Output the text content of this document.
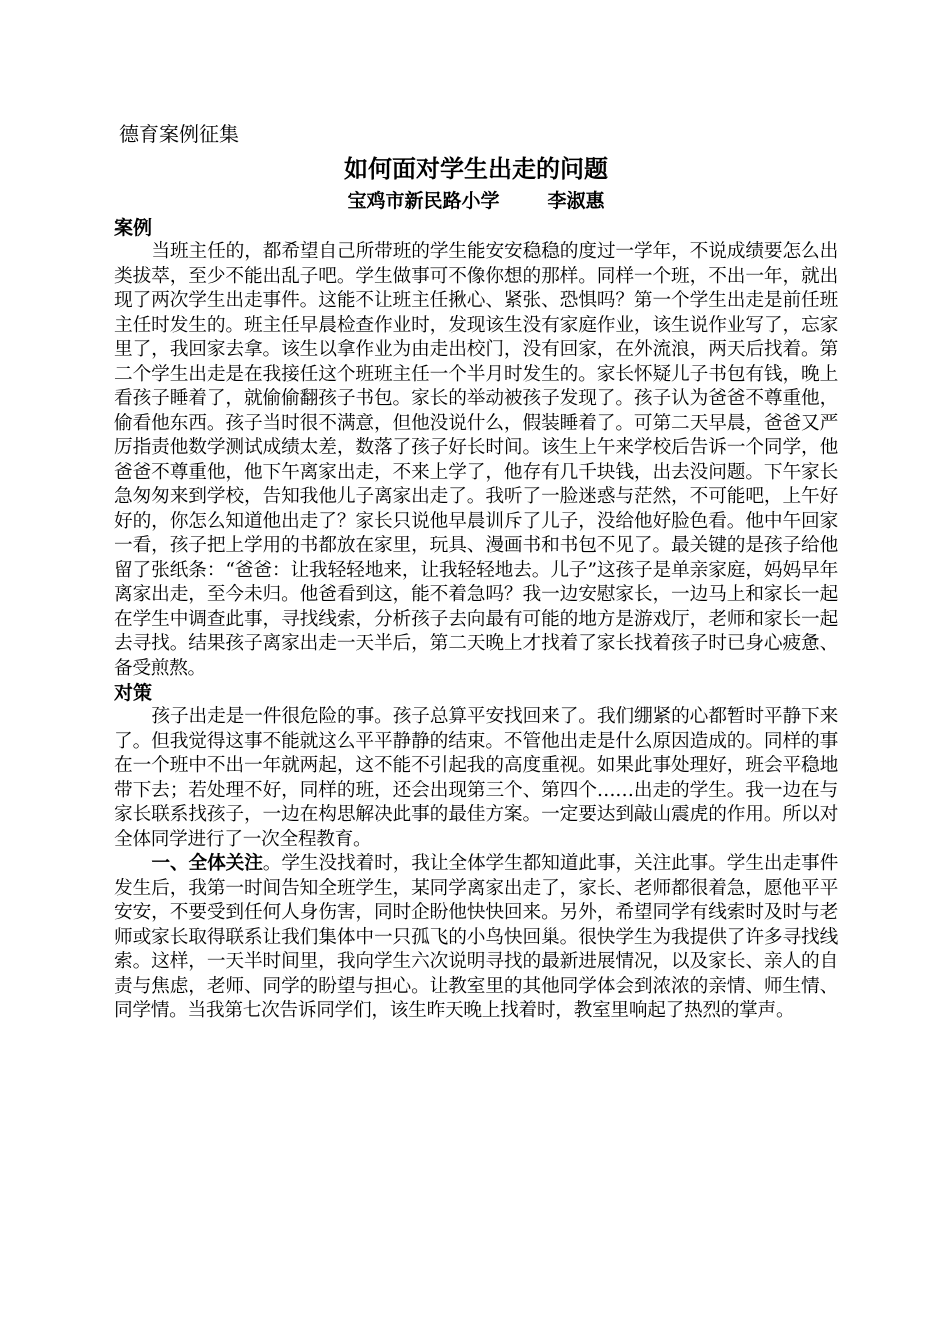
德育案例征集
如何面对学生出走的问题
宝鸡市新民路小学	李淑惠
案例

当班主任的，都希望自己所带班的学生能安安稳稳的度过一学年，不说成绩要怎么出类拔萃，至少不能出乱子吧。学生做事可不像你想的那样。同样一个班，不出一年，就出现了两次学生出走事件。这能不让班主任揪心、紧张、恐惧吗？第一个学生出走是前任班主任时发生的。班主任早晨检查作业时，发现该生没有家庭作业，该生说作业写了，忘家里了，我回家去拿。该生以拿作业为由走出校门，没有回家，在外流浪，两天后找着。第二个学生出走是在我接任这个班班主任一个半月时发生的。家长怀疑儿子书包有钱，晚上看孩子睡着了，就偷偷翻孩子书包。家长的举动被孩子发现了。孩子认为爸爸不尊重他，偷看他东西。孩子当时很不满意，但他没说什么，假装睡着了。可第二天早晨，爸爸又严厉指责他数学测试成绩太差，数落了孩子好长时间。该生上午来学校后告诉一个同学，他爸爸不尊重他，他下午离家出走，不来上学了，他存有几千块钱，出去没问题。下午家长急匆匆来到学校，告知我他儿子离家出走了。我听了一脸迷惑与茫然，不可能吧，上午好好的，你怎么知道他出走了？家长只说他早晨训斥了儿子，没给他好脸色看。他中午回家一看，孩子把上学用的书都放在家里，玩具、漫画书和书包不见了。最关键的是孩子给他留了张纸条：“爸爸：让我轻轻地来，让我轻轻地去。儿子”这孩子是单亲家庭，妈妈早年离家出走，至今未归。他爸看到这，能不着急吗？我一边安慰家长，一边马上和家长一起在学生中调查此事，寻找线索，分析孩子去向最有可能的地方是游戏厅，老师和家长一起去寻找。结果孩子离家出走一天半后，第二天晚上才找着了家长找着孩子时已身心疲惫、备受煎熬。

对策

孩子出走是一件很危险的事。孩子总算平安找回来了。我们绷紧的心都暂时平静下来了。但我觉得这事不能就这么平平静静的结束。不管他出走是什么原因造成的。同样的事在一个班中不出一年就两起，这不能不引起我的高度重视。如果此事处理好，班会平稳地带下去；若处理不好，同样的班，还会出现第三个、第四个……出走的学生。我一边在与家长联系找孩子，一边在构思解决此事的最佳方案。一定要达到敲山震虎的作用。所以对全体同学进行了一次全程教育。

一、全体关注。学生没找着时，我让全体学生都知道此事，关注此事。学生出走事件发生后，我第一时间告知全班学生，某同学离家出走了，家长、老师都很着急，愿他平平安安，不要受到任何人身伤害，同时企盼他快快回来。另外，希望同学有线索时及时与老师或家长取得联系让我们集体中一只孤飞的小鸟快回巢。很快学生为我提供了许多寻找线索。这样，一天半时间里，我向学生六次说明寻找的最新进展情况，以及家长、亲人的自责与焦虑，老师、同学的盼望与担心。让教室里的其他同学体会到浓浓的亲情、师生情、同学情。当我第七次告诉同学们，该生昨天晚上找着时，教室里响起了热烈的掌声。
